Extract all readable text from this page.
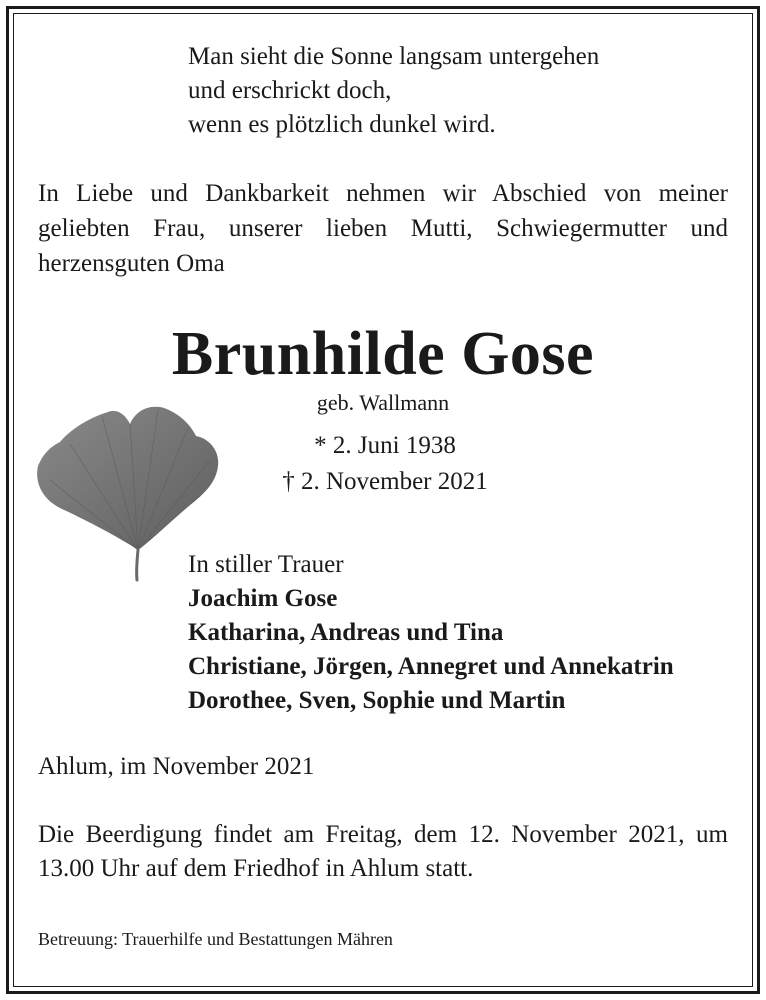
Man sieht die Sonne langsam untergehen
und erschrickt doch,
wenn es plötzlich dunkel wird.
In Liebe und Dankbarkeit nehmen wir Abschied von meiner geliebten Frau, unserer lieben Mutti, Schwiegermutter und herzensguten Oma
Brunhilde Gose
geb. Wallmann
* 2. Juni 1938
† 2. November 2021
In stiller Trauer
Joachim Gose
Katharina, Andreas und Tina
Christiane, Jörgen, Annegret und Annekatrin
Dorothee, Sven, Sophie und Martin
Ahlum, im November 2021
Die Beerdigung findet am Freitag, dem 12. November 2021, um 13.00 Uhr auf dem Friedhof in Ahlum statt.
Betreuung: Trauerhilfe und Bestattungen Mähren
